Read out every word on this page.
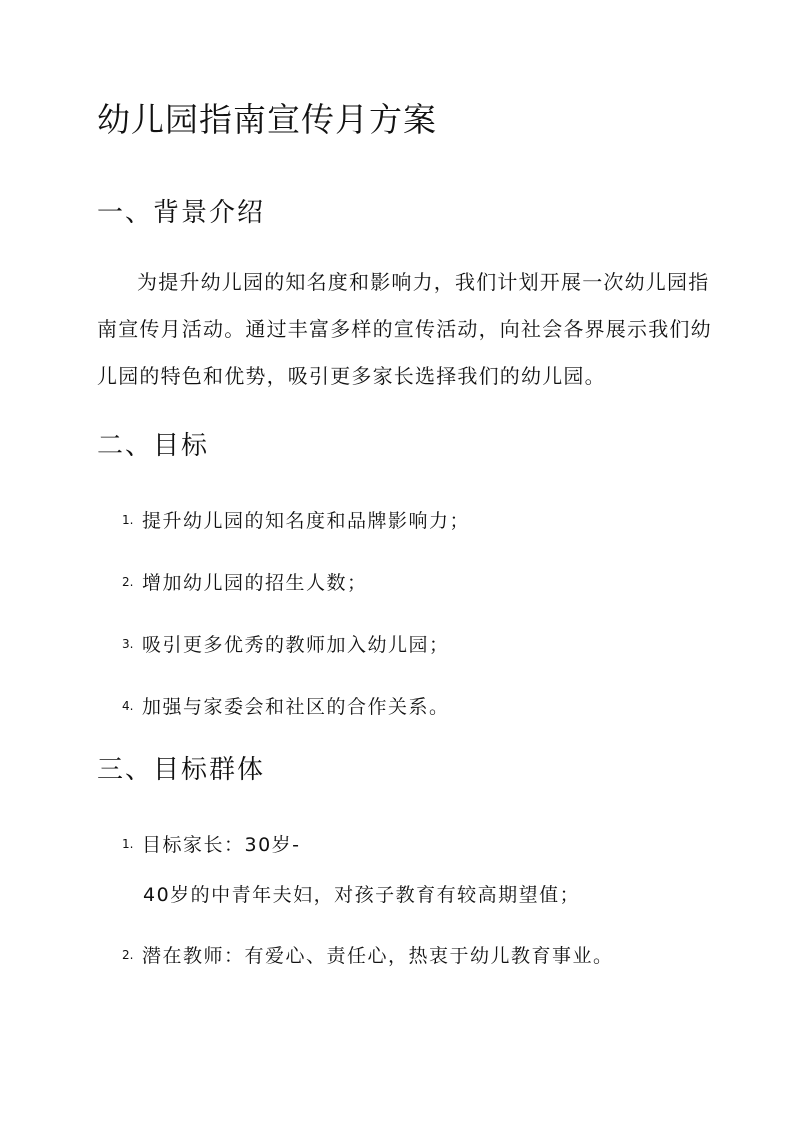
幼儿园指南宣传月方案
一、背景介绍
为提升幼儿园的知名度和影响力，我们计划开展一次幼儿园指
南宣传月活动。通过丰富多样的宣传活动，向社会各界展示我们幼
儿园的特色和优势，吸引更多家长选择我们的幼儿园。
二、目标
1. 提升幼儿园的知名度和品牌影响力；
2. 增加幼儿园的招生人数；
3. 吸引更多优秀的教师加入幼儿园；
4. 加强与家委会和社区的合作关系。
三、目标群体
1. 目标家长：30岁-
40岁的中青年夫妇，对孩子教育有较高期望值；
2. 潜在教师：有爱心、责任心，热衷于幼儿教育事业。
